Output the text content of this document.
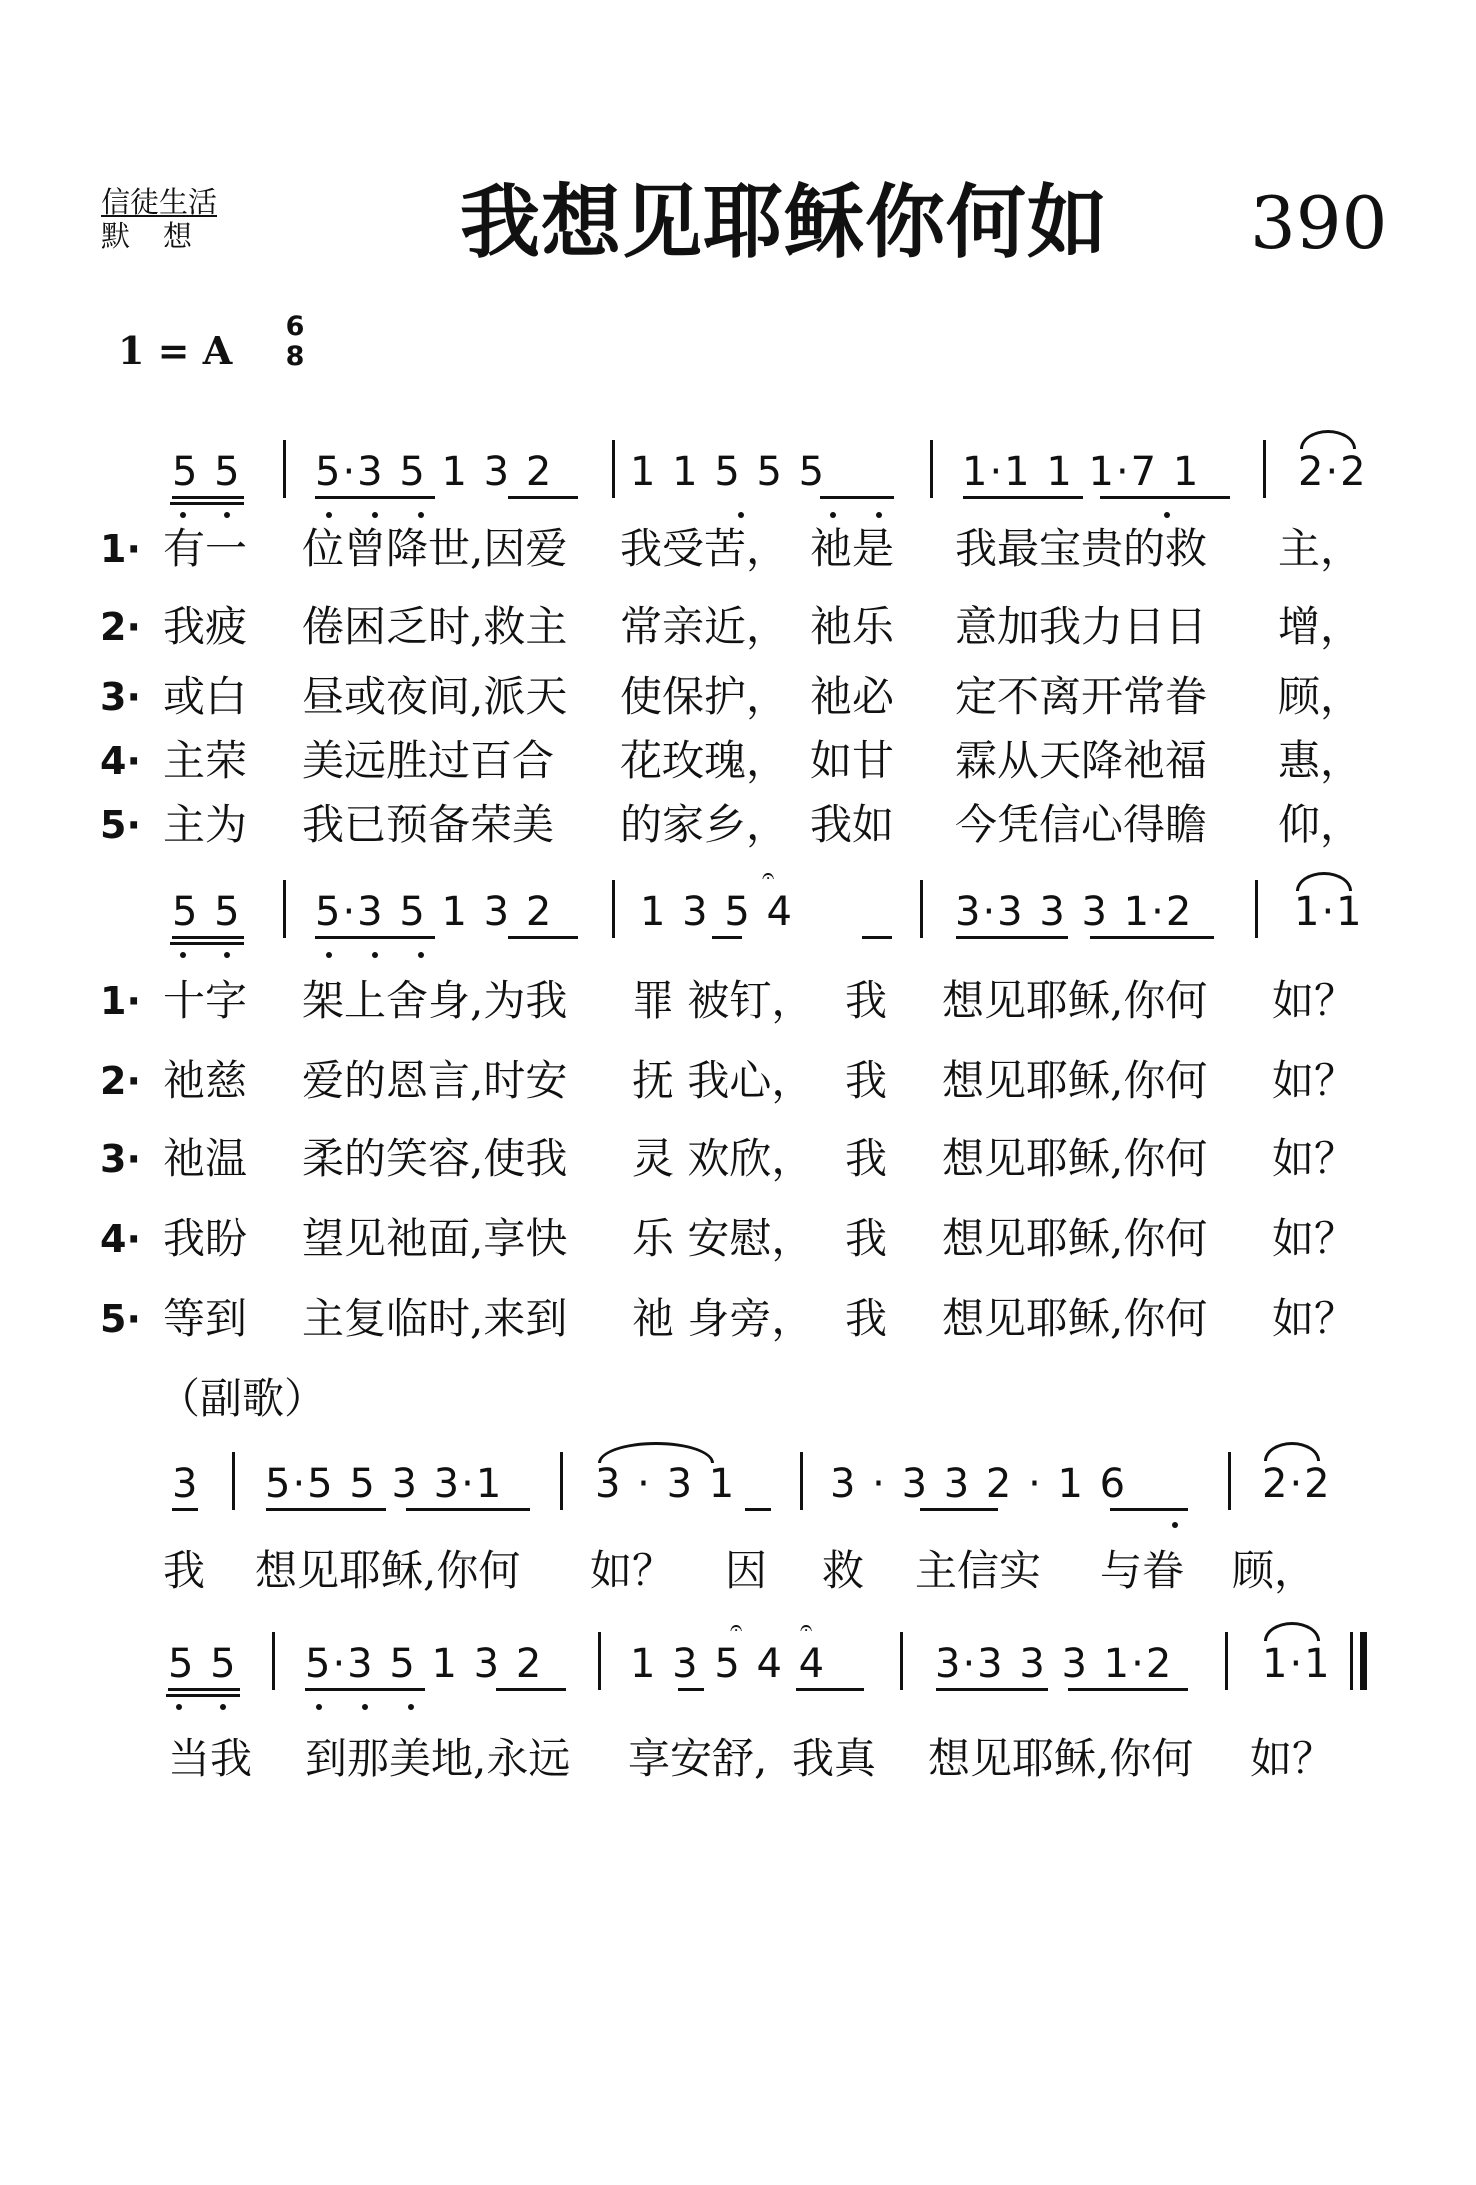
信徒生活
默想	我想见耶稣你何如 390
1 = A
6
8
5 5 5·3 5 1 3 2 1 1 5 5 5	1·1 1 1·7 1 2·2
1· 有一 位曾降世,因爱 我受苦， 祂是 我最宝贵的救 主，
2· 我疲 倦困乏时,救主 常亲近， 祂乐 意加我力日日 增，
3· 或白 昼或夜间,派天 使保护， 祂必 定不离开常眷 顾，
4· 主荣 美远胜过百合 花玫瑰， 如甘 霖从天降祂福 惠，
5· 主为 我已预备荣美 的家乡， 我如 今凭信心得瞻 仰，
5 5 5·3 5 1 3 2 1 3 5 4	3·3 3 3 1·2	1·1
𝄐
1· 十字 架上舍身,为我 罪 被钉， 我 想见耶稣,你何 如？
2· 祂慈 爱的恩言,时安 抚 我心， 我 想见耶稣,你何 如？
3· 祂温 柔的笑容,使我 灵 欢欣， 我 想见耶稣,你何 如？
4· 我盼 望见祂面,享快 乐 安慰， 我 想见耶稣,你何 如？
5· 等到 主复临时,来到 祂 身旁， 我 想见耶稣,你何 如？
（副歌）
3 5·5 5 3 3·1 3 · 3 1 3 · 3 3 2 · 1 6	2·2
我 想见耶稣,你何 如？ 因 救 主信实 与眷 顾，
5 5 5·3 5 1 3 2 1 3 5 4 4
𝄐	𝄐
3·3 3 3 1·2 1·1
当我 到那美地,永远 享安舒, 我真 想见耶稣,你何 如？
